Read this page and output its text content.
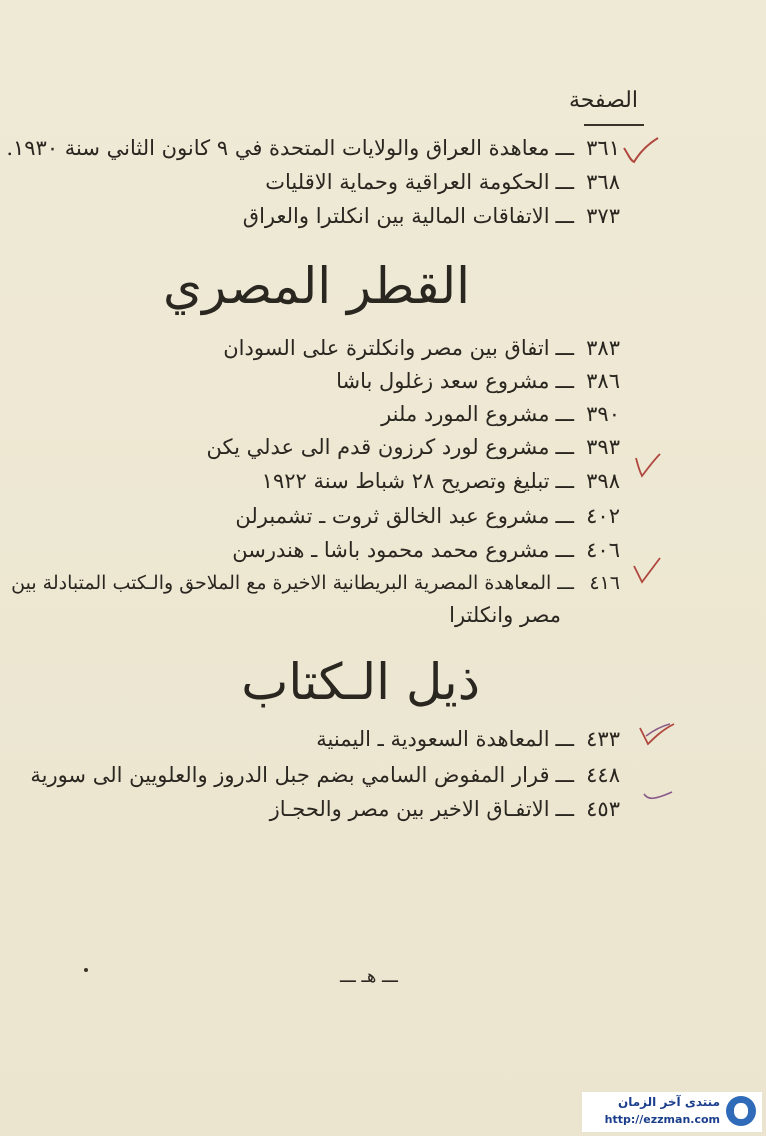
الصفحة
٣٦١ـــمعاهدة العراق والولايات المتحدة في ٩ كانون الثاني سنة ١٩٣٠.
٣٦٨ـــالحكومة العراقية وحماية الاقليات
٣٧٣ـــالاتفاقات المالية بين انكلترا والعراق
القطر المصري
٣٨٣ـــاتفاق بين مصر وانكلترة على السودان
٣٨٦ـــمشروع سعد زغلول باشا
٣٩٠ـــمشروع المورد ملنر
٣٩٣ـــمشروع لورد كرزون قدم الى عدلي يكن
٣٩٨ـــتبليغ وتصريح ٢٨ شباط سنة ١٩٢٢
٤٠٢ـــمشروع عبد الخالق ثروت ـ تشمبرلن
٤٠٦ـــمشروع محمد محمود باشا ـ هندرسن
٤١٦ـــالمعاهدة المصرية البريطانية الاخيرة مع الملاحق والـكتب المتبادلة بين
مصر وانكلترا
ذيل الـكتاب
٤٣٣ـــالمعاهدة السعودية ـ اليمنية
٤٤٨ـــقرار المفوض السامي بضم جبل الدروز والعلويين الى سورية
٤٥٣ـــالاتفـاق الاخير بين مصر والحجـاز
ـــ هـ ـــ
منتدى آخر الزمان
http://ezzman.com
